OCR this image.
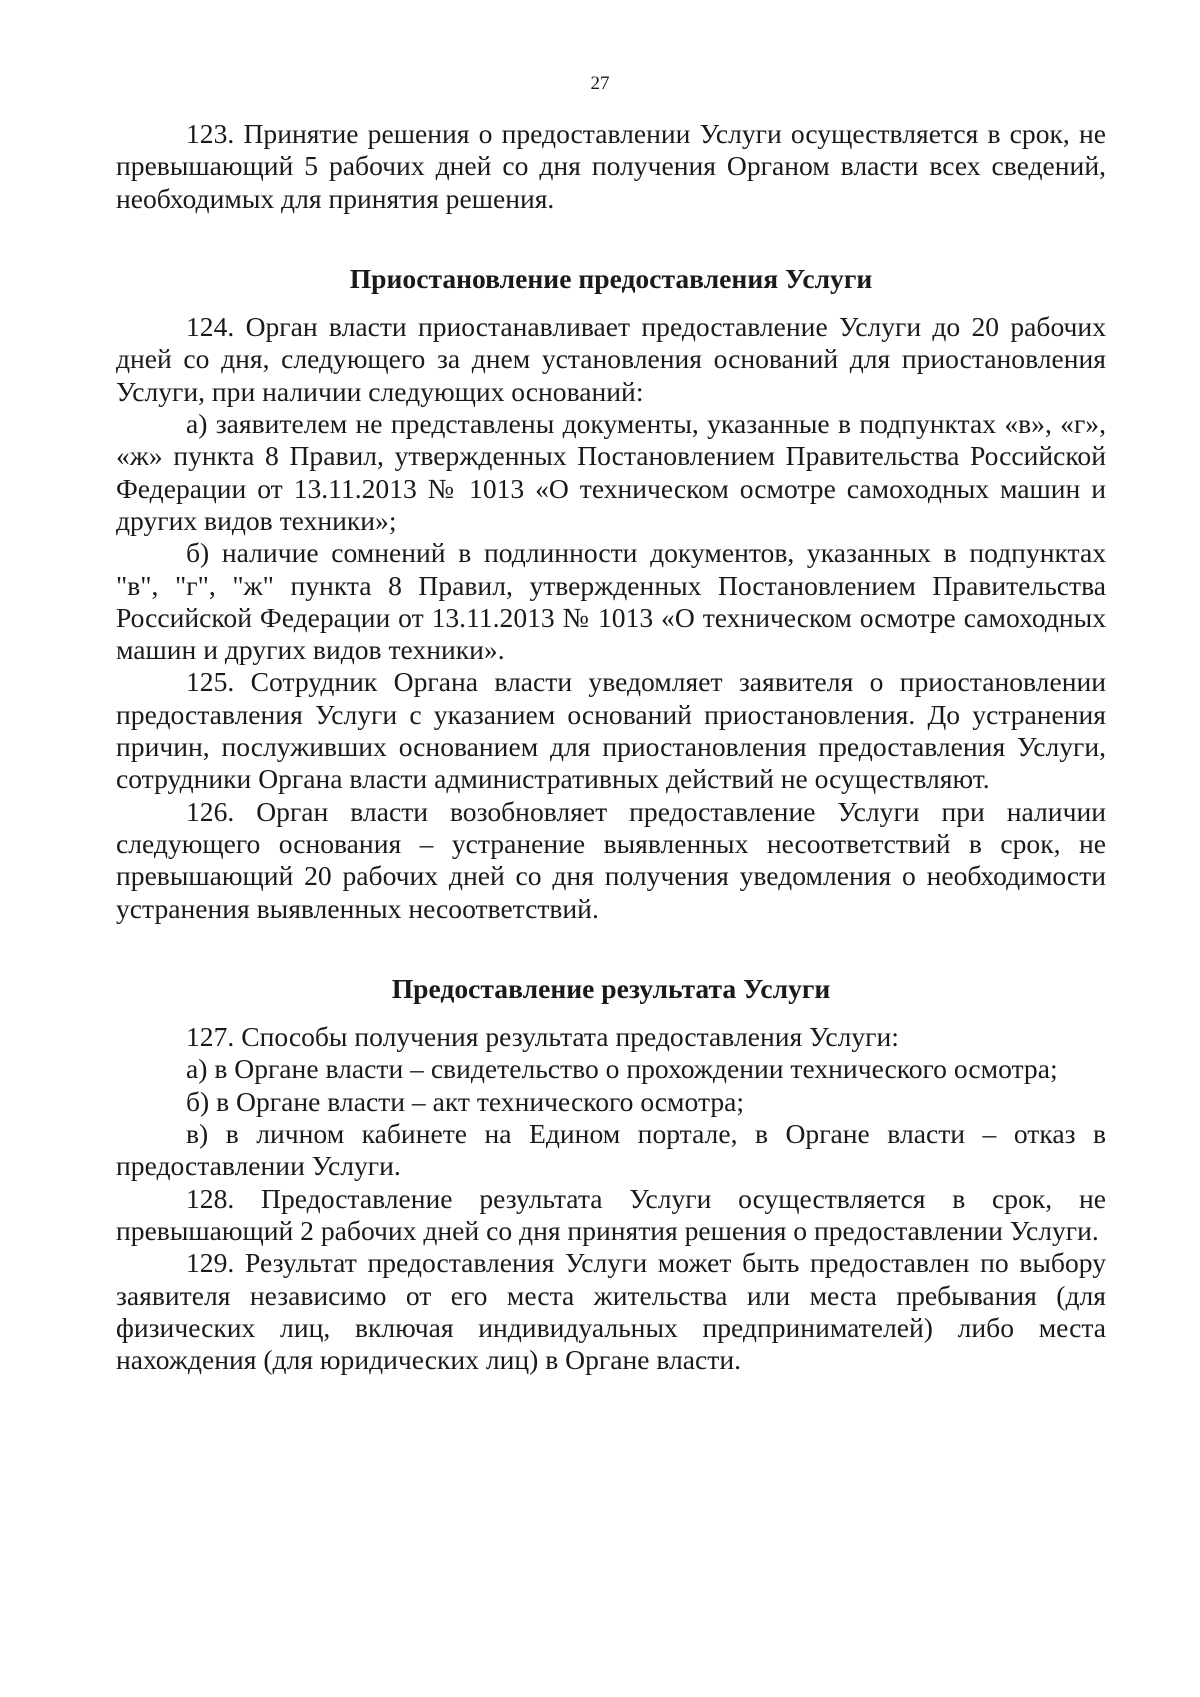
27

123. Принятие решения о предоставлении Услуги осуществляется в срок, не превышающий 5 рабочих дней со дня получения Органом власти всех сведений, необходимых для принятия решения.

Приостановление предоставления Услуги

124. Орган власти приостанавливает предоставление Услуги до 20 рабочих дней со дня, следующего за днем установления оснований для приостановления Услуги, при наличии следующих оснований:

а) заявителем не представлены документы, указанные в подпунктах «в», «г», «ж» пункта 8 Правил, утвержденных Постановлением Правительства Российской Федерации от 13.11.2013 № 1013 «О техническом осмотре самоходных машин и других видов техники»;

б) наличие сомнений в подлинности документов, указанных в подпунктах "в", "г", "ж" пункта 8 Правил, утвержденных Постановлением Правительства Российской Федерации от 13.11.2013 № 1013 «О техническом осмотре самоходных машин и других видов техники».

125. Сотрудник Органа власти уведомляет заявителя о приостановлении предоставления Услуги с указанием оснований приостановления. До устранения причин, послуживших основанием для приостановления предоставления Услуги, сотрудники Органа власти административных действий не осуществляют.

126. Орган власти возобновляет предоставление Услуги при наличии следующего основания – устранение выявленных несоответствий в срок, не превышающий 20 рабочих дней со дня получения уведомления о необходимости устранения выявленных несоответствий.

Предоставление результата Услуги

127. Способы получения результата предоставления Услуги:

а) в Органе власти – свидетельство о прохождении технического осмотра;

б) в Органе власти – акт технического осмотра;

в) в личном кабинете на Едином портале, в Органе власти – отказ в предоставлении Услуги.

128. Предоставление результата Услуги осуществляется в срок, не превышающий 2 рабочих дней со дня принятия решения о предоставлении Услуги.

129. Результат предоставления Услуги может быть предоставлен по выбору заявителя независимо от его места жительства или места пребывания (для физических лиц, включая индивидуальных предпринимателей) либо места нахождения (для юридических лиц) в Органе власти.
